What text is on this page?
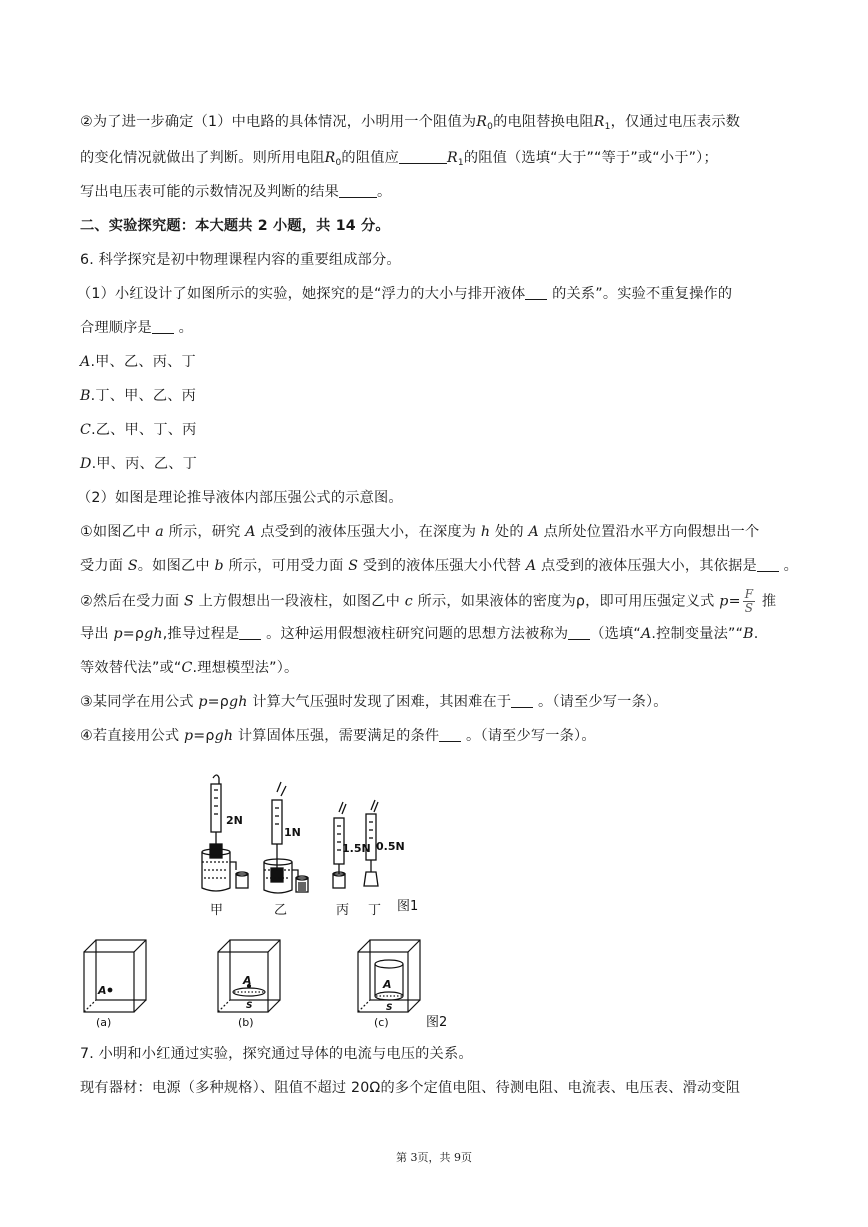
②为了进一步确定（1）中电路的具体情况，小明用一个阻值为$R_0$的电阻替换电阻$R_1$，仅通过电压表示数
的变化情况就做出了判断。则所用电阻$R_0$的阻值应	$R_1$的阻值（选填“大于”“等于”或“小于”）；
写出电压表可能的示数情况及判断的结果	。
二、实验探究题：本大题共 2 小题，共 14 分。
6. 科学探究是初中物理课程内容的重要组成部分。
（1）小红设计了如图所示的实验，她探究的是“浮力的大小与排开液体 的关系”。实验不重复操作的
合理顺序是 。
A.甲、乙、丙、丁
B.丁、甲、乙、丙
C.乙、甲、丁、丙
D.甲、丙、乙、丁
（2）如图是理论推导液体内部压强公式的示意图。
①如图乙中 a 所示，研究 A 点受到的液体压强大小，在深度为 h 处的 A 点所处位置沿水平方向假想出一个
受力面 S。如图乙中 b 所示，可用受力面 S 受到的液体压强大小代替 A 点受到的液体压强大小，其依据是 。
②然后在受力面 S 上方假想出一段液柱，如图乙中 c 所示，如果液体的密度为ρ，即可用压强定义式 $p= \frac{F}{S}$ 推
导出 p=ρgh,推导过程是 。这种运用假想液柱研究问题的思想方法被称为 （选填“A.控制变量法”“B.
等效替代法”或“C.理想模型法”）。
③某同学在用公式 p=ρgh 计算大气压强时发现了困难，其困难在于 。（请至少写一条）。
④若直接用公式 p=ρgh 计算固体压强，需要满足的条件 。（请至少写一条）。
2N
1N
1.5N 0.5N
甲	乙	丙 丁 图1
A
A
S
A
S
(a)	(b)	(c)	图2
7. 小明和小红通过实验，探究通过导体的电流与电压的关系。
现有器材：电源（多种规格）、阻值不超过 20Ω的多个定值电阻、待测电阻、电流表、电压表、滑动变阻
第 3页，共 9页
